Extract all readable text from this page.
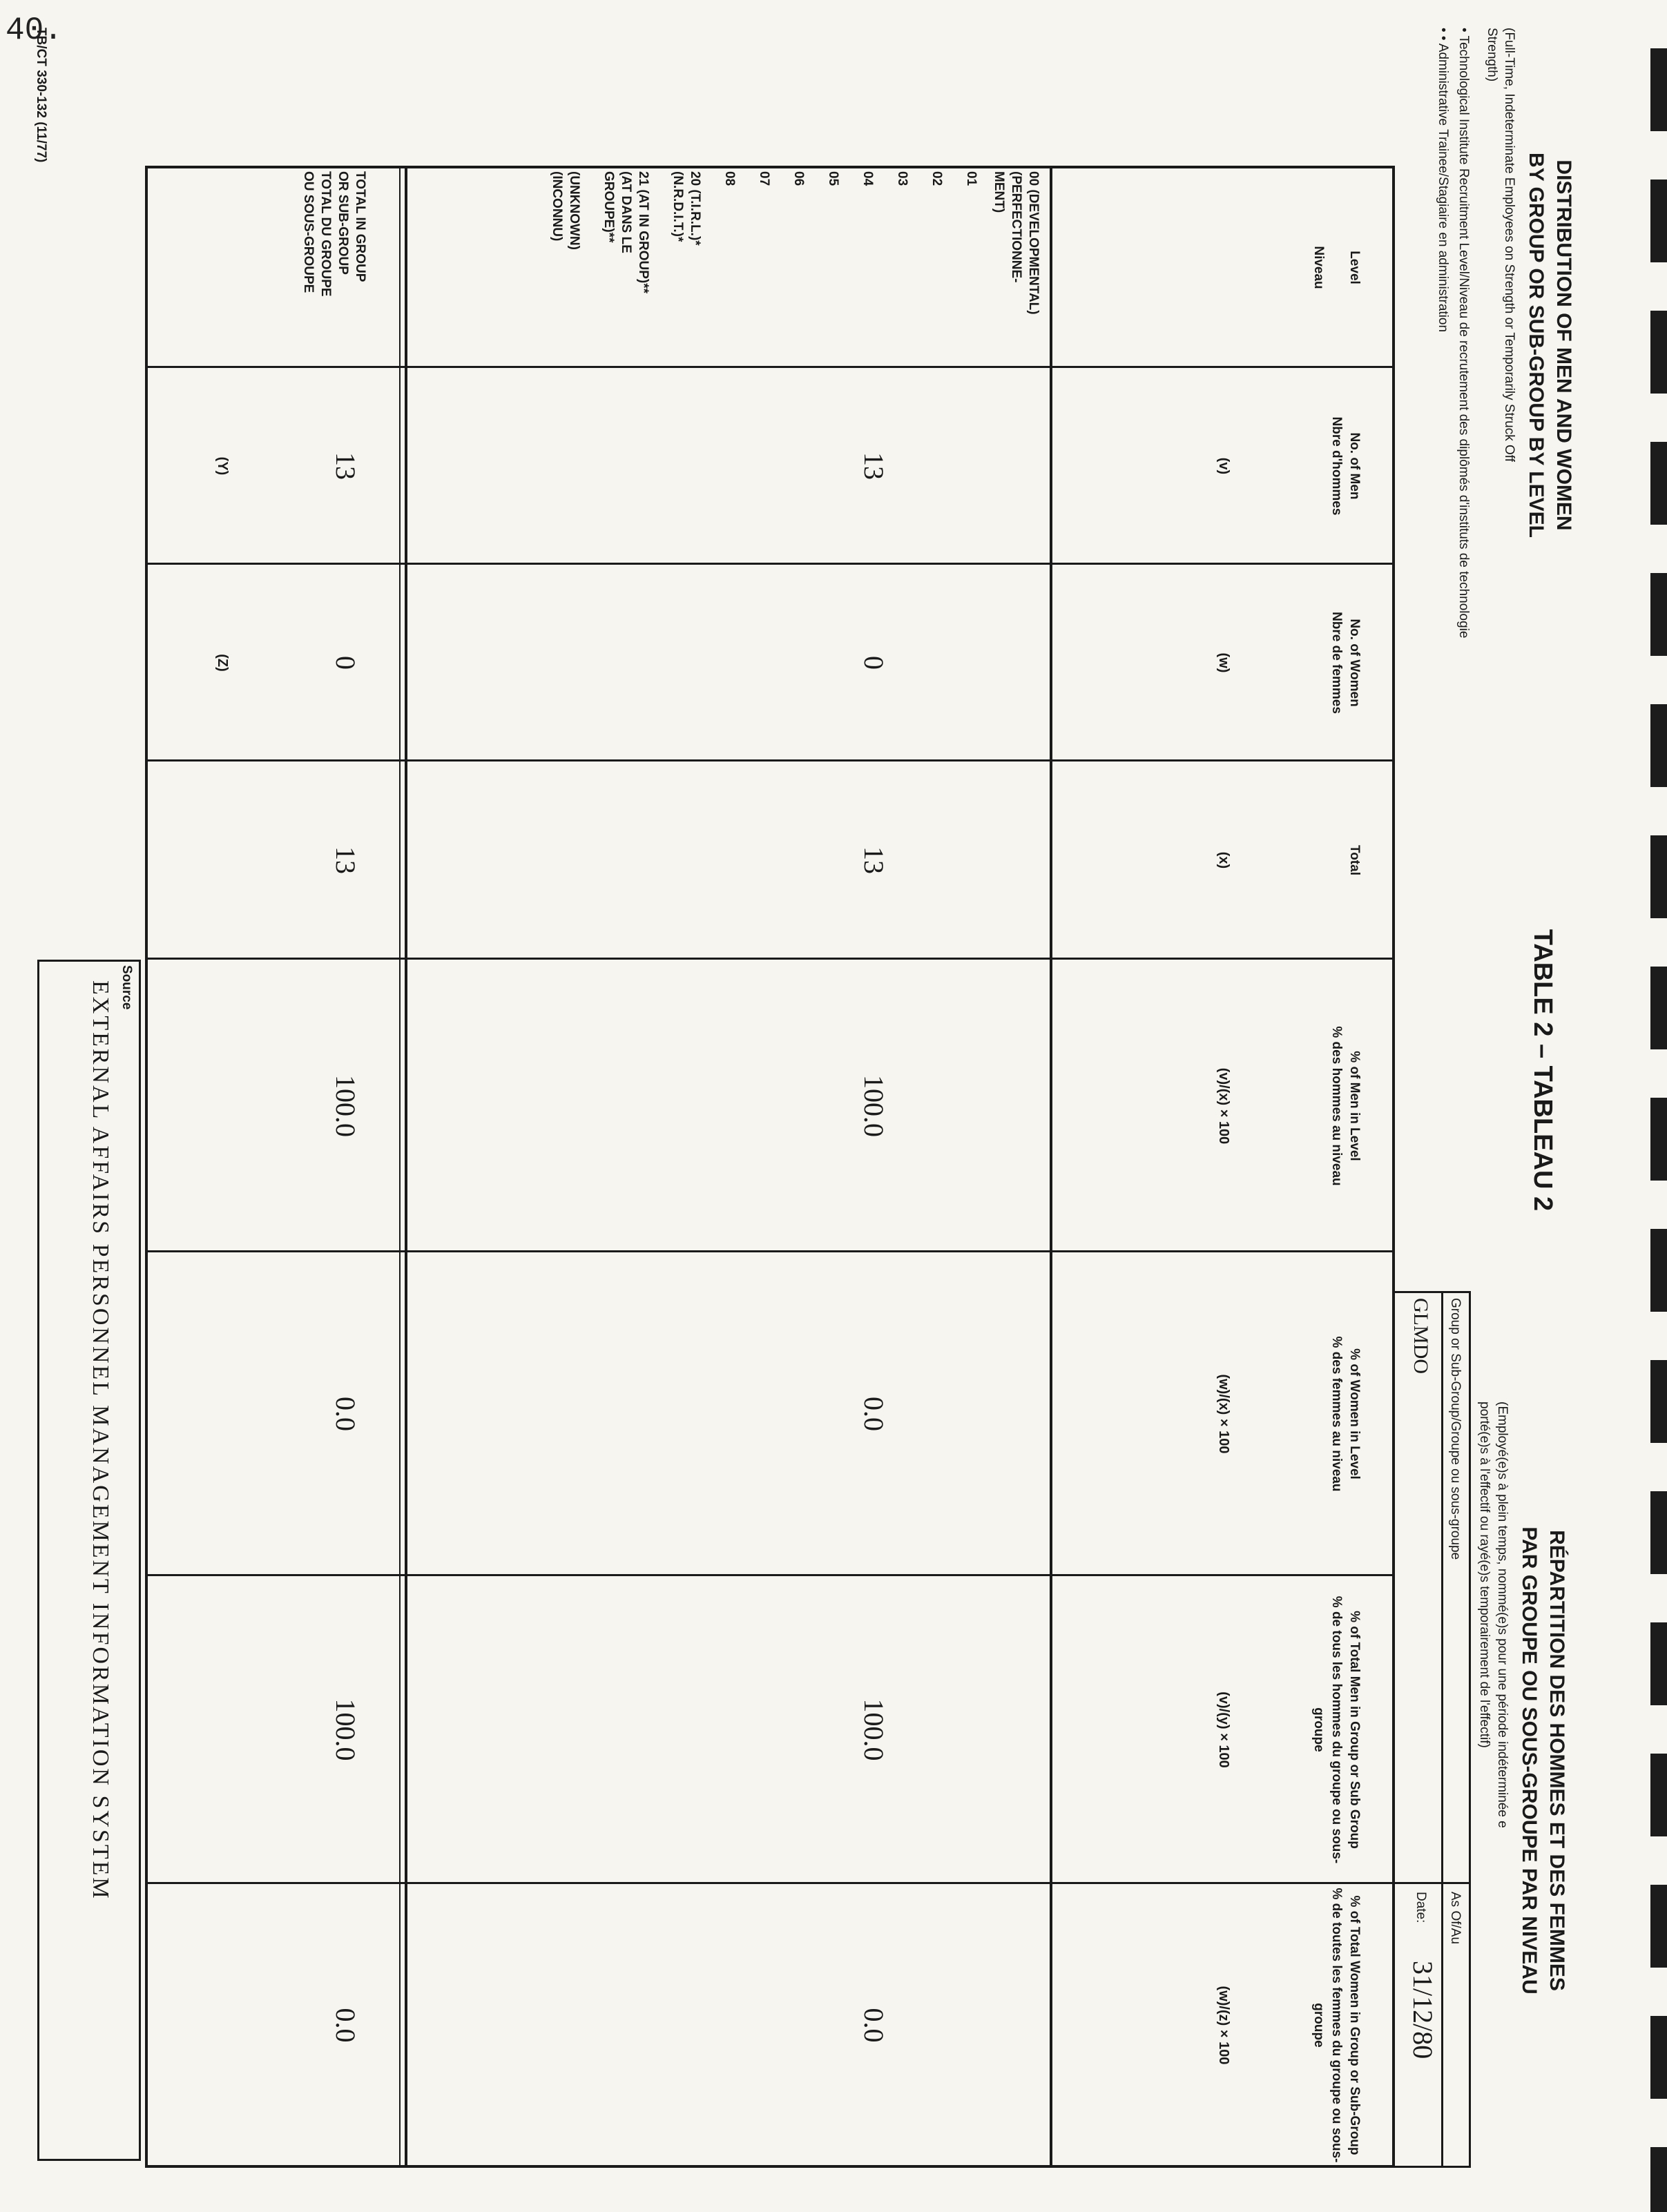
40.
TABLE 2 – TABLEAU 2
DISTRIBUTION OF MEN AND WOMEN
BY GROUP OR SUB-GROUP BY LEVEL
(Full-Time, Indeterminate Employees on Strength or Temporarily Struck Off Strength)
RÉPARTITION DES HOMMES ET DES FEMMES
PAR GROUPE OU SOUS-GROUPE PAR NIVEAU
(Employé(e)s à plein temps, nommé(e)s pour une période indéterminée e
porté(e)s à l'effectif ou rayé(e)s temporairement de l'effectif)
• Technological Institute Recruitment Level/Niveau de recrutement des diplômés d'instituts de technologie
• • Administrative Trainee/Stagiaire en administration
Group or Sub-Group/Groupe ou sous-groupe
GLMDO
As Of/Au
Date:
31/12/80
Level
Niveau
No. of Men
Nbre d'hommes
(v)
No. of Women
Nbre de femmes
(w)
Total
(x)
% of Men in Level
% des hommes au niveau
(v)/(x) × 100
% of Women in Level
% des femmes au niveau
(w)/(x) × 100
% of Total Men in Group or Sub Group
% de tous les hommes du groupe ou sous-groupe
(v)/(y) × 100
% of Total Women in Group or Sub-Group
% de toutes les femmes du groupe ou sous-groupe
(w)/(z) × 100
00 (DEVELOPMENTAL)
(PERFECTIONNE-
MENT)
01
02
03
04
05
06
07
08
20 (T.I.R.L.)*
(N.R.D.I.T.)*
21 (AT IN GROUP)**
(AT DANS LE
GROUPE)**
(UNKNOWN)
(INCONNU)
13
0
13
100.0
0.0
100.0
0.0
TOTAL IN GROUP
OR SUB-GROUP
TOTAL DU GROUPE
OU SOUS-GROUPE
13
0
13
100.0
0.0
100.0
0.0
(Y)
(Z)
Source
EXTERNAL AFFAIRS PERSONNEL MANAGEMENT INFORMATION SYSTEM
TB/CT 330-132 (11/77)
